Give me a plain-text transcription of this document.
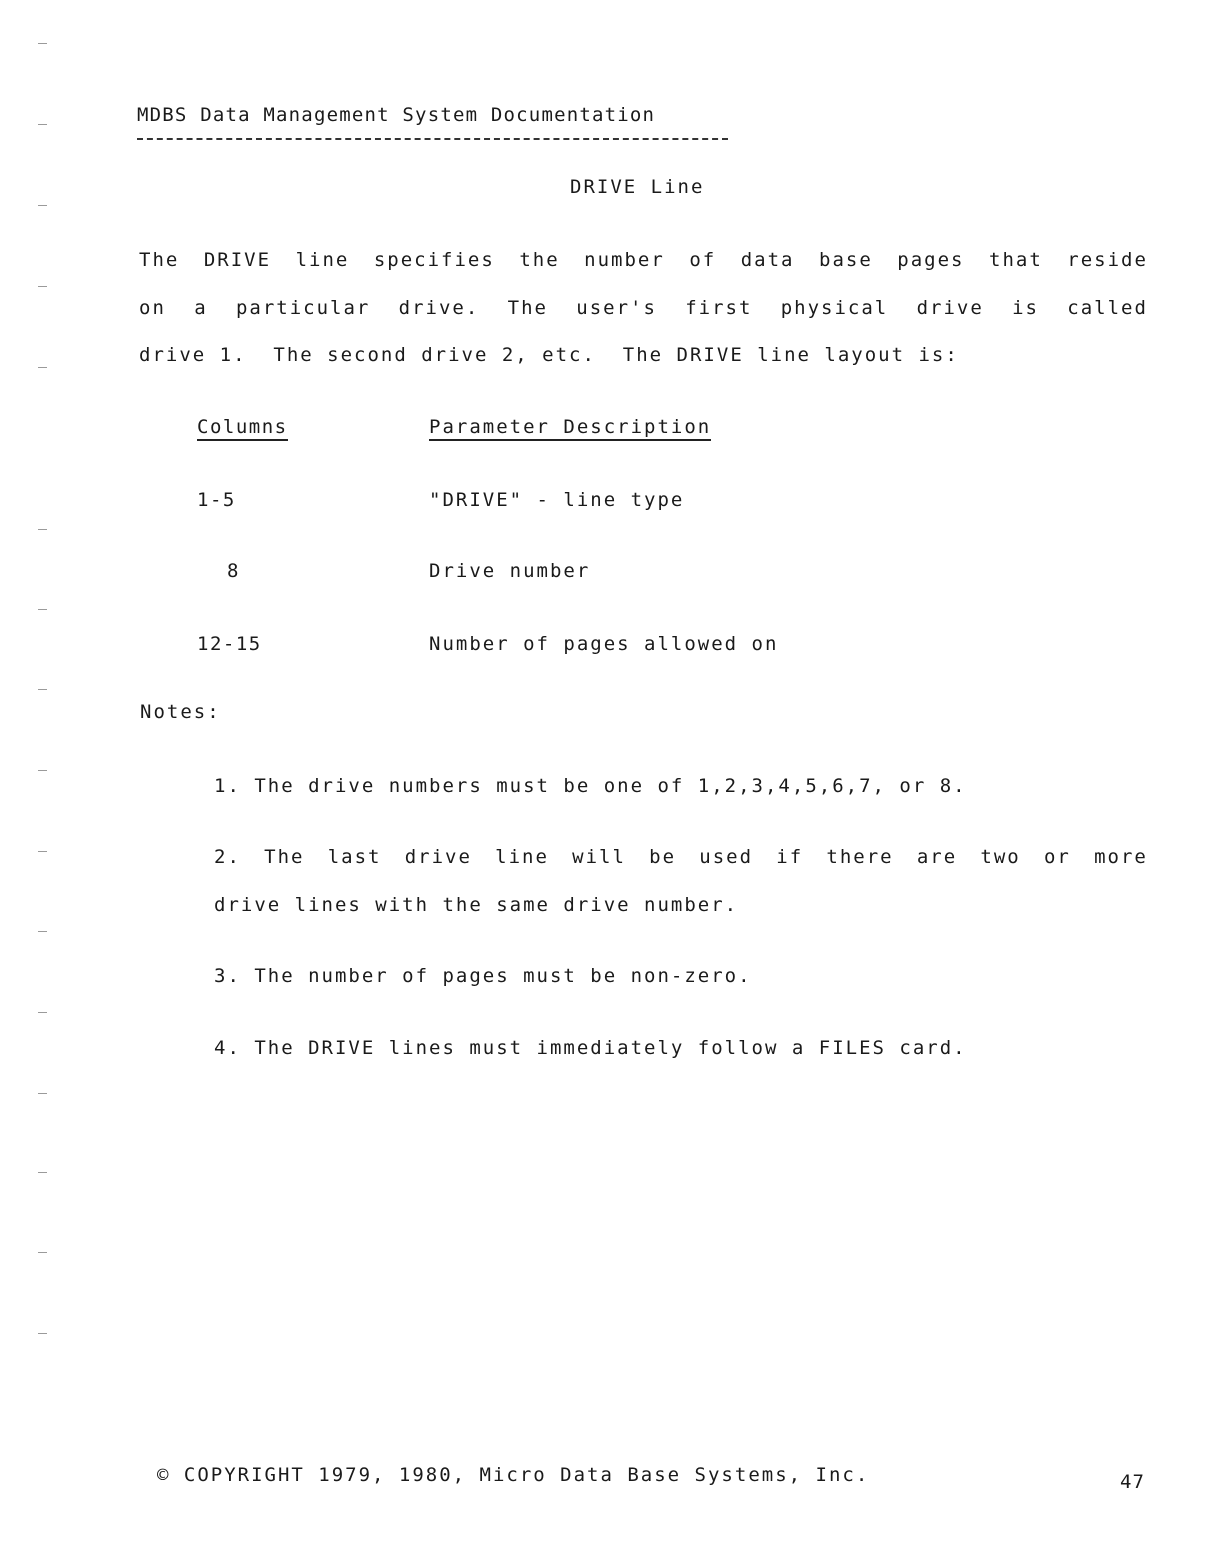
MDBS Data Management System Documentation
DRIVE Line
The DRIVE line specifies the number of data base pages that reside
on a particular drive. The user's first physical drive is called
drive 1.  The second drive 2, etc.  The DRIVE line layout is:
Columns	Parameter Description
1-5	"DRIVE" - line type
8	Drive number
12-15	Number of pages allowed on
Notes:
1. The drive numbers must be one of 1,2,3,4,5,6,7, or 8.
2. The last drive line will be used if there are two or more
drive lines with the same drive number.
3. The number of pages must be non-zero.
4. The DRIVE lines must immediately follow a FILES card.
© COPYRIGHT 1979, 1980, Micro Data Base Systems, Inc.	47
